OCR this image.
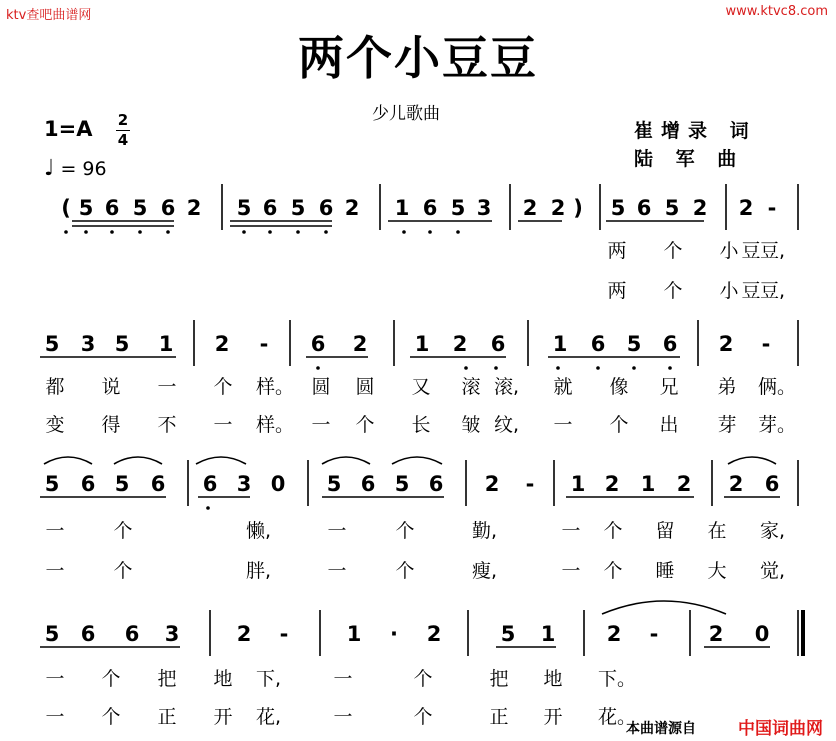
ktv查吧曲谱网	www.ktvc8.com
两个小豆豆
少儿歌曲
1=A 2
4
♩ = 96
崔增录 词
陆 军 曲
( 5 6 5 6 2 5 6 5 6 2 1 6 5 3 2 2 ) 5 6 5 2 2 -
两 个 小 豆 豆,
两 个 小 豆 豆,
5 3 5 1 2 - 6 2 1 2 6 1 6 5 6 2 -
都 说 一 个 样。 圆 圆 又 滚 滚, 就 像 兄 弟 俩。
变 得 不 一 样。 一 个 长 皱 纹, 一 个 出 芽 芽。
5 6 5 6 6 3 0 5 6 5 6 2 - 1 2 1 2 2 6
一	个	懒,	一	个	勤,	一 个 留 在 家,
一	个	胖,	一	个	瘦,	一 个 睡 大 觉,
5 6 6 3	2 -	1 · 2	5 1 2 - 2 0
一 个 把 地 下,	一	个	把 地 下。
一 个 正 开 花,	一	个	正 开 花。
本曲谱源自 中国词曲网
